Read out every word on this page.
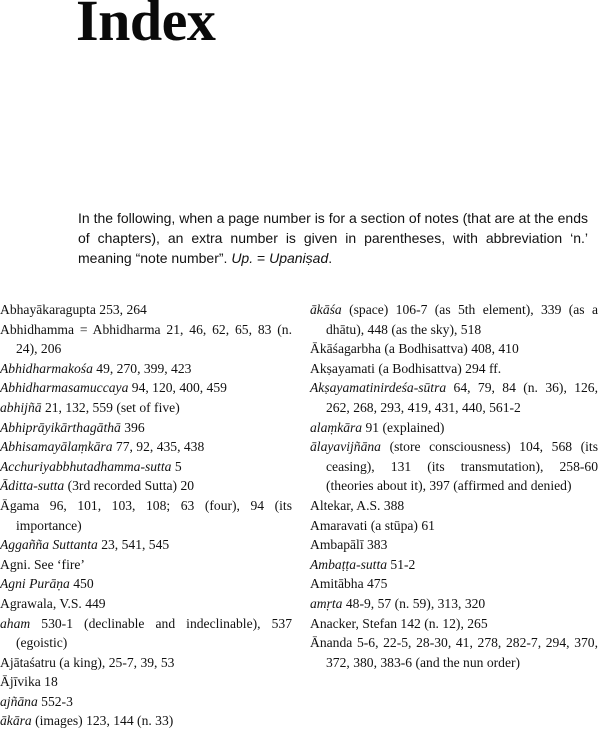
Index

In the following, when a page number is for a section of notes (that are at the ends of chapters), an extra number is given in parentheses, with abbreviation ‘n.’ meaning “note number”. Up. = Upaniṣad.

Abhayākaragupta 253, 264

Abhidhamma = Abhidharma 21, 46, 62, 65, 83 (n. 24), 206

Abhidharmakośa 49, 270, 399, 423

Abhidharmasamuccaya 94, 120, 400, 459

abhijñā 21, 132, 559 (set of five)

Abhiprāyikārthagāthā 396

Abhisamayālaṃkāra 77, 92, 435, 438

Acchuriyabbhutadhamma-sutta 5

Āditta-sutta (3rd recorded Sutta) 20

Āgama 96, 101, 103, 108; 63 (four), 94 (its importance)

Aggañña Suttanta 23, 541, 545

Agni. See ‘fire’

Agni Purāṇa 450

Agrawala, V.S. 449

aham 530-1 (declinable and indeclinable), 537 (egoistic)

Ajātaśatru (a king), 25-7, 39, 53

Ājīvika 18

ajñāna 552-3

ākāra (images) 123, 144 (n. 33)

ākāśa (space) 106-7 (as 5th element), 339 (as a dhātu), 448 (as the sky), 518

Ākāśagarbha (a Bodhisattva) 408, 410

Akṣayamati (a Bodhisattva) 294 ff.

Akṣayamatinirdeśa-sūtra 64, 79, 84 (n. 36), 126, 262, 268, 293, 419, 431, 440, 561-2

alaṃkāra 91 (explained)

ālayavijñāna (store consciousness) 104, 568 (its ceasing), 131 (its transmutation), 258-60 (theories about it), 397 (affirmed and denied)

Altekar, A.S. 388

Amaravati (a stūpa) 61

Ambapālī 383

Ambaṭṭa-sutta 51-2

Amitābha 475

amṛta 48-9, 57 (n. 59), 313, 320

Anacker, Stefan 142 (n. 12), 265

Ānanda 5-6, 22-5, 28-30, 41, 278, 282-7, 294, 370, 372, 380, 383-6 (and the nun order)
